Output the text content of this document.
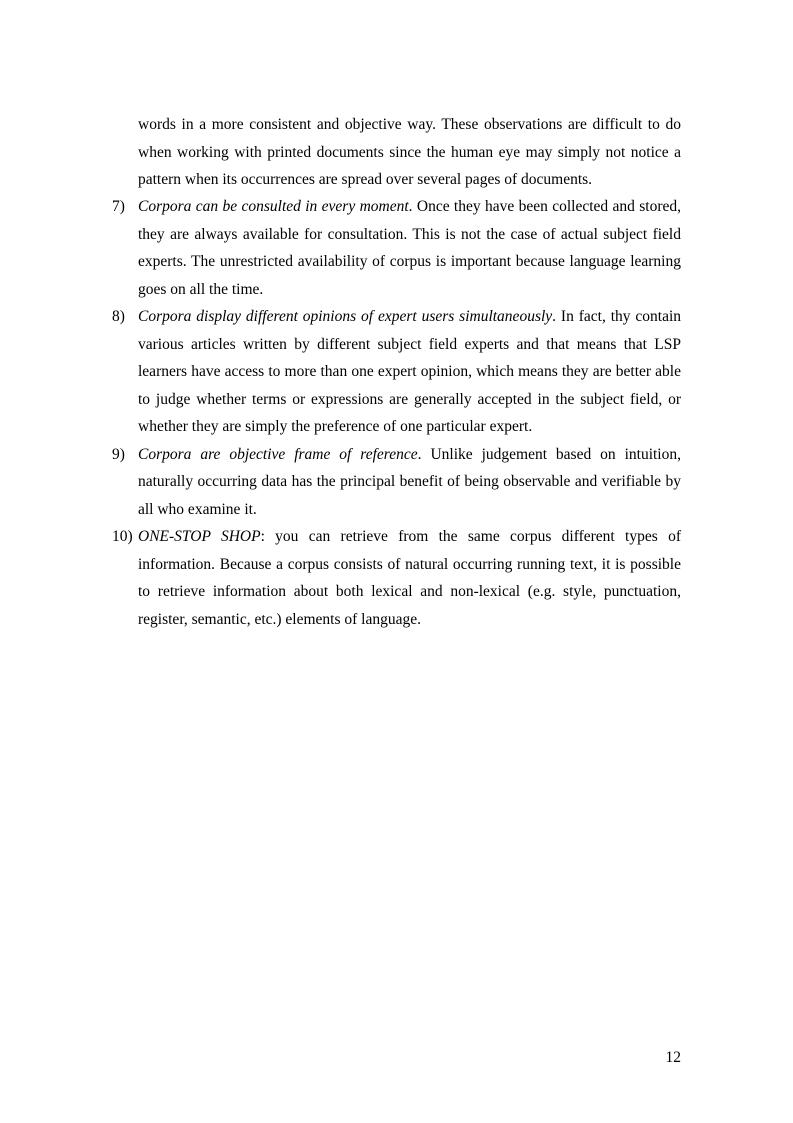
words in a more consistent and objective way. These observations are difficult to do when working with printed documents since the human eye may simply not notice a pattern when its occurrences are spread over several pages of documents.

7) Corpora can be consulted in every moment. Once they have been collected and stored, they are always available for consultation. This is not the case of actual subject field experts. The unrestricted availability of corpus is important because language learning goes on all the time.
8) Corpora display different opinions of expert users simultaneously. In fact, thy contain various articles written by different subject field experts and that means that LSP learners have access to more than one expert opinion, which means they are better able to judge whether terms or expressions are generally accepted in the subject field, or whether they are simply the preference of one particular expert.
9) Corpora are objective frame of reference. Unlike judgement based on intuition, naturally occurring data has the principal benefit of being observable and verifiable by all who examine it.
10) ONE-STOP SHOP: you can retrieve from the same corpus different types of information. Because a corpus consists of natural occurring running text, it is possible to retrieve information about both lexical and non-lexical (e.g. style, punctuation, register, semantic, etc.) elements of language.
12
